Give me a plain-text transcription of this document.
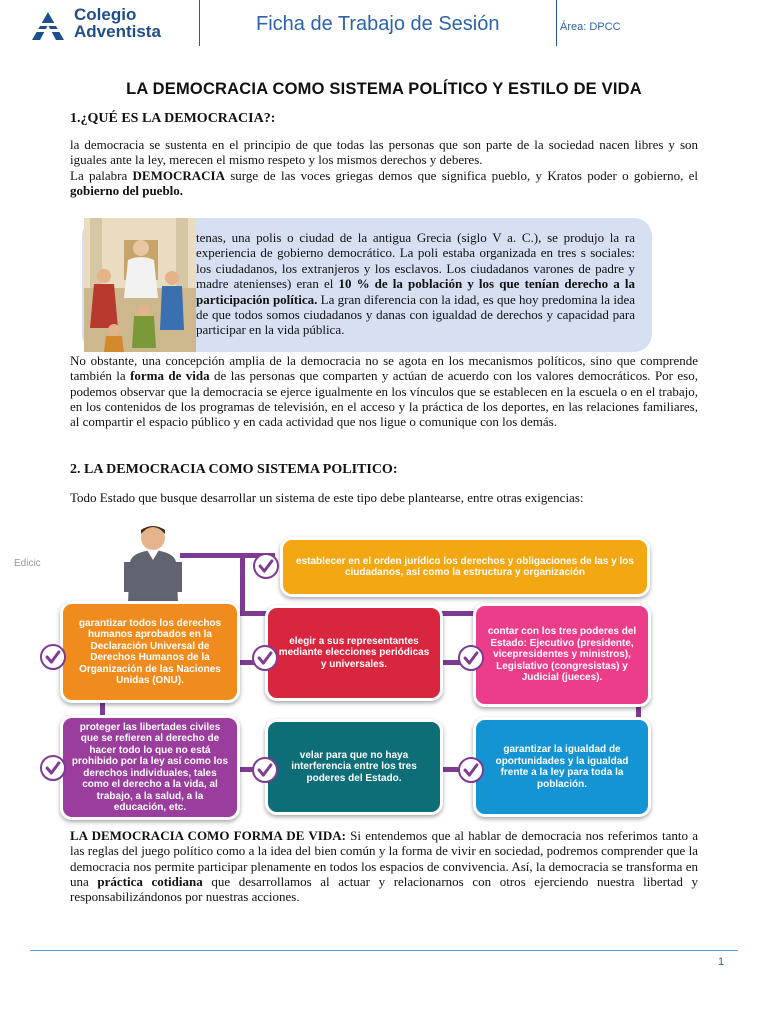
Colegio
Adventista	Ficha de Trabajo de Sesión	Área: DPCC
LA DEMOCRACIA COMO SISTEMA POLÍTICO Y ESTILO DE VIDA
1.¿QUÉ ES LA DEMOCRACIA?:

la democracia se sustenta en el principio de que todas las personas que son parte de la sociedad nacen libres y son iguales ante la ley, merecen el mismo respeto y los mismos derechos y deberes.

La palabra DEMOCRACIA surge de las voces griegas demos que significa pueblo, y Kratos poder o gobierno, el gobierno del pueblo.

tenas, una polis o ciudad de la antigua Grecia (siglo V a. C.), se produjo la ra experiencia de gobierno democrático. La poli estaba organizada en tres s sociales: los ciudadanos, los extranjeros y los esclavos. Los ciudadanos varones de padre y madre atenienses) eran el 10 % de la población y los que tenían derecho a la participación política. La gran diferencia con la idad, es que hoy predomina la idea de que todos somos ciudadanos y danas con igualdad de derechos y capacidad para participar en la vida pública.

No obstante, una concepción amplia de la democracia no se agota en los mecanismos políticos, sino que comprende también la forma de vida de las personas que comparten y actúan de acuerdo con los valores democráticos. Por eso, podemos observar que la democracia se ejerce igualmente en los vínculos que se establecen en la escuela o en el trabajo, en los contenidos de los programas de televisión, en el acceso y la práctica de los deportes, en las relaciones familiares, al compartir el espacio público y en cada actividad que nos ligue o comunique con los demás.

2. LA DEMOCRACIA COMO SISTEMA POLITICO:

Todo Estado que busque desarrollar un sistema de este tipo debe plantearse, entre otras exigencias:

Edicic	establecer en el orden jurídico los derechos y obligaciones de las y los ciudadanos, así como la estructura y organización
garantizar todos los derechos humanos aprobados en la Declaración Universal de Derechos Humanos de la Organización de las Naciones Unidas (ONU).
elegir a sus representantes mediante elecciones periódicas y universales.
contar con los tres poderes del Estado: Ejecutivo (presidente, vicepresidentes y ministros), Legislativo (congresistas) y Judicial (jueces).
proteger las libertades civiles que se refieren al derecho de hacer todo lo que no está prohibido por la ley así como los derechos individuales, tales como el derecho a la vida, al trabajo, a la salud, a la educación, etc.
velar para que no haya interferencia entre los tres poderes del Estado.
garantizar la igualdad de oportunidades y la igualdad frente a la ley para toda la población.

LA DEMOCRACIA COMO FORMA DE VIDA: Si entendemos que al hablar de democracia nos referimos tanto a las reglas del juego político como a la idea del bien común y la forma de vivir en sociedad, podremos comprender que la democracia nos permite participar plenamente en todos los espacios de convivencia. Así, la democracia se transforma en una práctica cotidiana que desarrollamos al actuar y relacionarnos con otros ejerciendo nuestra libertad y responsabilizándonos por nuestras acciones.

1
